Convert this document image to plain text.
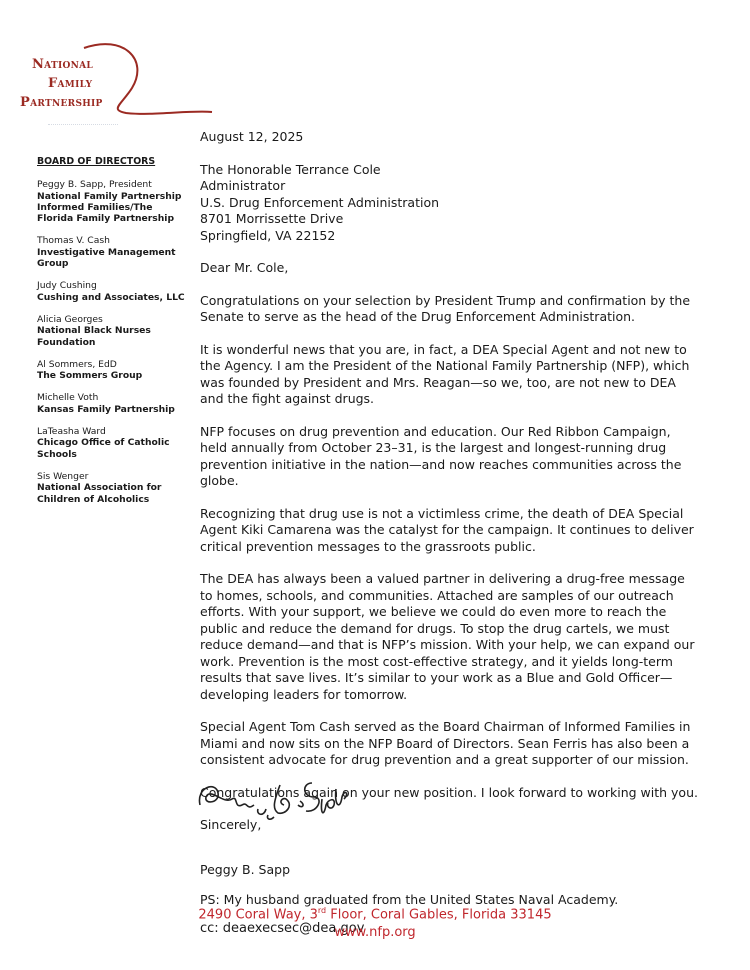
National
Family
Partnership
BOARD OF DIRECTORS
Peggy B. Sapp, President
National Family Partnership Informed Families/The Florida Family Partnership
Thomas V. Cash
Investigative Management Group
Judy Cushing
Cushing and Associates, LLC
Alicia Georges
National Black Nurses Foundation
Al Sommers, EdD
The Sommers Group
Michelle Voth
Kansas Family Partnership
LaTeasha Ward
Chicago Office of Catholic Schools
Sis Wenger
National Association for Children of Alcoholics

August 12, 2025

The Honorable Terrance Cole
Administrator
U.S. Drug Enforcement Administration
8701 Morrissette Drive
Springfield, VA 22152

Dear Mr. Cole,

Congratulations on your selection by President Trump and confirmation by the Senate to serve as the head of the Drug Enforcement Administration.

It is wonderful news that you are, in fact, a DEA Special Agent and not new to the Agency. I am the President of the National Family Partnership (NFP), which was founded by President and Mrs. Reagan—so we, too, are not new to DEA and the fight against drugs.

NFP focuses on drug prevention and education. Our Red Ribbon Campaign, held annually from October 23–31, is the largest and longest-running drug prevention initiative in the nation—and now reaches communities across the globe.

Recognizing that drug use is not a victimless crime, the death of DEA Special Agent Kiki Camarena was the catalyst for the campaign. It continues to deliver critical prevention messages to the grassroots public.

The DEA has always been a valued partner in delivering a drug-free message to homes, schools, and communities. Attached are samples of our outreach efforts. With your support, we believe we could do even more to reach the public and reduce the demand for drugs. To stop the drug cartels, we must reduce demand—and that is NFP’s mission. With your help, we can expand our work. Prevention is the most cost-effective strategy, and it yields long-term results that save lives. It’s similar to your work as a Blue and Gold Officer—developing leaders for tomorrow.

Special Agent Tom Cash served as the Board Chairman of Informed Families in Miami and now sits on the NFP Board of Directors. Sean Ferris has also been a consistent advocate for drug prevention and a great supporter of our mission.

Congratulations again on your new position. I look forward to working with you.

Sincerely,

Peggy B. Sapp

PS: My husband graduated from the United States Naval Academy.

cc: deaexecsec@dea.gov

2490 Coral Way, 3rd Floor, Coral Gables, Florida 33145
www.nfp.org
